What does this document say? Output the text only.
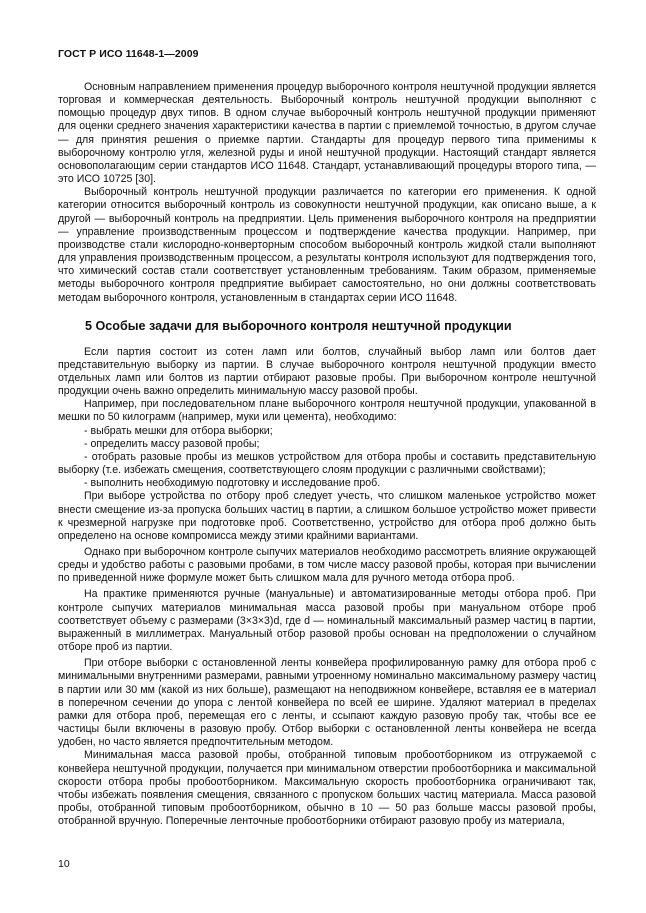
ГОСТ Р ИСО 11648-1—2009

Основным направлением применения процедур выборочного контроля нештучной продукции является торговая и коммерческая деятельность. Выборочный контроль нештучной продукции выполняют с помощью процедур двух типов. В одном случае выборочный контроль нештучной продукции применяют для оценки среднего значения характеристики качества в партии с приемлемой точностью, в другом случае — для принятия решения о приемке партии. Стандарты для процедур первого типа применимы к выборочному контролю угля, железной руды и иной нештучной продукции. Настоящий стандарт является основополагающим серии стандартов ИСО 11648. Стандарт, устанавливающий процедуры второго типа, — это ИСО 10725 [30].

Выборочный контроль нештучной продукции различается по категории его применения. К одной категории относится выборочный контроль из совокупности нештучной продукции, как описано выше, а к другой — выборочный контроль на предприятии. Цель применения выборочного контроля на предприятии — управление производственным процессом и подтверждение качества продукции. Например, при производстве стали кислородно-конверторным способом выборочный контроль жидкой стали выполняют для управления производственным процессом, а результаты контроля используют для подтверждения того, что химический состав стали соответствует установленным требованиям. Таким образом, применяемые методы выборочного контроля предприятие выбирает самостоятельно, но они должны соответствовать методам выборочного контроля, установленным в стандартах серии ИСО 11648.

5 Особые задачи для выборочного контроля нештучной продукции

Если партия состоит из сотен ламп или болтов, случайный выбор ламп или болтов дает представительную выборку из партии. В случае выборочного контроля нештучной продукции вместо отдельных ламп или болтов из партии отбирают разовые пробы. При выборочном контроле нештучной продукции очень важно определить минимальную массу разовой пробы.

Например, при последовательном плане выборочного контроля нештучной продукции, упакованной в мешки по 50 килограмм (например, муки или цемента), необходимо:

- выбрать мешки для отбора выборки;

- определить массу разовой пробы;

- отобрать разовые пробы из мешков устройством для отбора пробы и составить представительную выборку (т.е. избежать смещения, соответствующего слоям продукции с различными свойствами);

- выполнить необходимую подготовку и исследование проб.

При выборе устройства по отбору проб следует учесть, что слишком маленькое устройство может внести смещение из-за пропуска больших частиц в партии, а слишком большое устройство может привести к чрезмерной нагрузке при подготовке проб. Соответственно, устройство для отбора проб должно быть определено на основе компромисса между этими крайними вариантами.

Однако при выборочном контроле сыпучих материалов необходимо рассмотреть влияние окружающей среды и удобство работы с разовыми пробами, в том числе массу разовой пробы, которая при вычислении по приведенной ниже формуле может быть слишком мала для ручного метода отбора проб.

На практике применяются ручные (мануальные) и автоматизированные методы отбора проб. При контроле сыпучих материалов минимальная масса разовой пробы при мануальном отборе проб соответствует объему с размерами (3×3×3)d, где d — номинальный максимальный размер частиц в партии, выраженный в миллиметрах. Мануальный отбор разовой пробы основан на предположении о случайном отборе проб из партии.

При отборе выборки с остановленной ленты конвейера профилированную рамку для отбора проб с минимальными внутренними размерами, равными утроенному номинально максимальному размеру частиц в партии или 30 мм (какой из них больше), размещают на неподвижном конвейере, вставляя ее в материал в поперечном сечении до упора с лентой конвейера по всей ее ширине. Удаляют материал в пределах рамки для отбора проб, перемещая его с ленты, и ссыпают каждую разовую пробу так, чтобы все ее частицы были включены в разовую пробу. Отбор выборки с остановленной ленты конвейера не всегда удобен, но часто является предпочтительным методом.

Минимальная масса разовой пробы, отобранной типовым пробоотборником из отгружаемой с конвейера нештучной продукции, получается при минимальном отверстии пробоотборника и максимальной скорости отбора пробы пробоотборником. Максимальную скорость пробоотборника ограничивают так, чтобы избежать появления смещения, связанного с пропуском больших частиц материала. Масса разовой пробы, отобранной типовым пробоотборником, обычно в 10 — 50 раз больше массы разовой пробы, отобранной вручную. Поперечные ленточные пробоотборники отбирают разовую пробу из материала,

10
